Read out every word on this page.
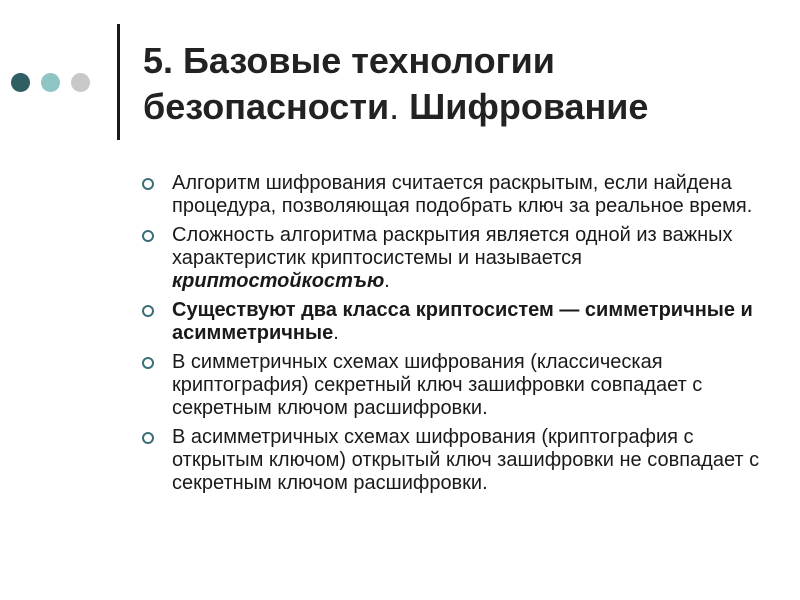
5. Базовые технологии
безопасности. Шифрование
Алгоритм шифрования считается раскрытым, если найдена процедура, позволяющая подобрать ключ за реальное время.
Сложность алгоритма раскрытия является одной из важных характеристик криптосистемы и называется криптостойкостъю.
Существуют два класса криптосистем — симметричные и асимметричные.
В симметричных схемах шифрования (классическая криптография) секретный ключ зашифровки совпадает с секретным ключом расшифровки.
В асимметричных схемах шифрования (криптография с открытым ключом) открытый ключ зашифровки не совпадает с секретным ключом расшифровки.
